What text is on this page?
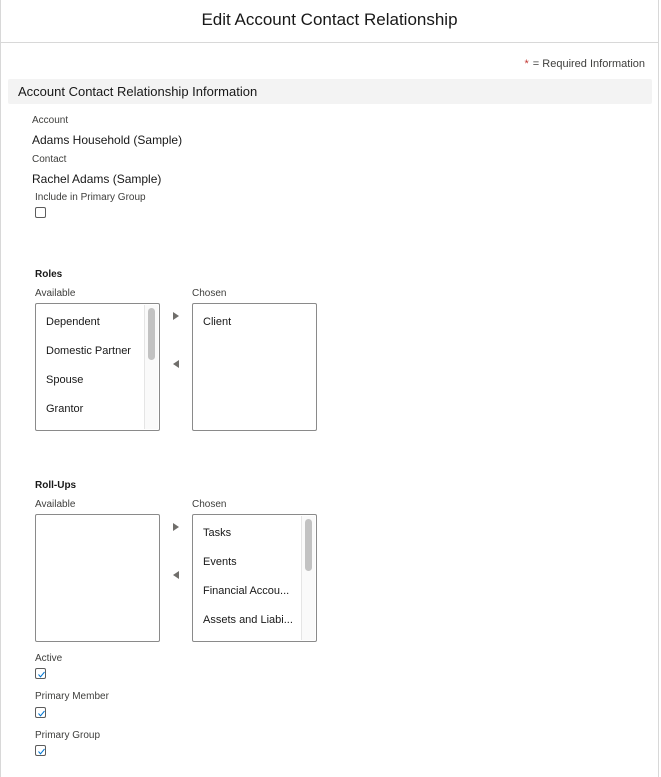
Edit Account Contact Relationship
* = Required Information
Account Contact Relationship Information
Account
Adams Household (Sample)
Contact
Rachel Adams (Sample)
Include in Primary Group
Roles
Available	Chosen
Dependent
Domestic Partner
Spouse
Grantor
Client
Roll-Ups
Available	Chosen
Tasks
Events
Financial Accou...
Assets and Liabi...
Active
Primary Member
Primary Group
